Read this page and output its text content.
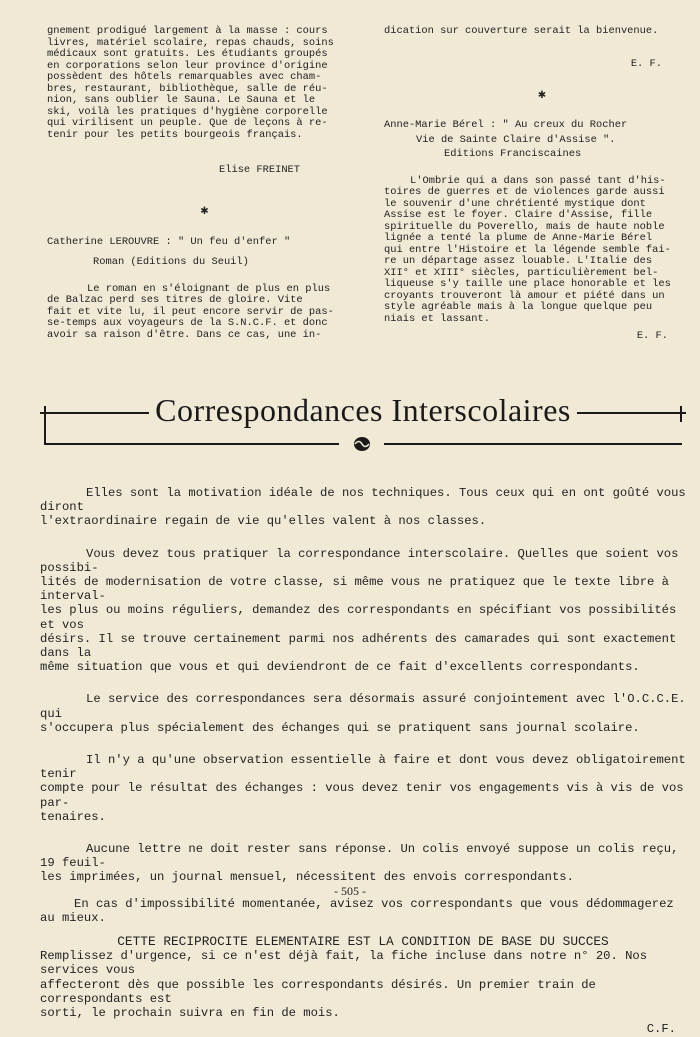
gnement prodigué largement à la masse : cours
livres, matériel scolaire, repas chauds, soins
médicaux sont gratuits. Les étudiants groupés
en corporations selon leur province d'origine
possèdent des hôtels remarquables avec cham-
bres, restaurant, bibliothèque, salle de réu-
nion, sans oublier le Sauna. Le Sauna et le
ski, voilà les pratiques d'hygiène corporelle
qui virilisent un peuple. Que de leçons à re-
tenir pour les petits bourgeois français.

Elise FREINET

✱

Catherine LEROUVRE : " Un feu d'enfer "

Roman (Editions du Seuil)

Le roman en s'éloignant de plus en plus
de Balzac perd ses titres de gloire. Vite
fait et vite lu, il peut encore servir de pas-
se-temps aux voyageurs de la S.N.C.F. et donc
avoir sa raison d'être. Dans ce cas, une in-

dication sur couverture serait la bienvenue.

E. F.

✱

Anne-Marie Bérel : " Au creux du Rocher

Vie de Sainte Claire d'Assise ".

Editions Franciscaines

L'Ombrie qui a dans son passé tant d'his-
toires de guerres et de violences garde aussi
le souvenir d'une chrétienté mystique dont
Assise est le foyer. Claire d'Assise, fille
spirituelle du Poverello, mais de haute noble
lignée a tenté la plume de Anne-Marie Bérel
qui entre l'Histoire et la légende semble fai-
re un départage assez louable. L'Italie des
XII° et XIII° siècles, particulièrement bel-
liqueuse s'y taille une place honorable et les
croyants trouveront là amour et piété dans un
style agréable mais à la longue quelque peu
niais et lassant.

E. F.

Correspondances Interscolaires

Elles sont la motivation idéale de nos techniques. Tous ceux qui en ont goûté vous diront
l'extraordinaire regain de vie qu'elles valent à nos classes.

Vous devez tous pratiquer la correspondance interscolaire. Quelles que soient vos possibi-
lités de modernisation de votre classe, si même vous ne pratiquez que le texte libre à interval-
les plus ou moins réguliers, demandez des correspondants en spécifiant vos possibilités et vos
désirs. Il se trouve certainement parmi nos adhérents des camarades qui sont exactement dans la
même situation que vous et qui deviendront de ce fait d'excellents correspondants.

Le service des correspondances sera désormais assuré conjointement avec l'O.C.C.E. qui
s'occupera plus spécialement des échanges qui se pratiquent sans journal scolaire.

Il n'y a qu'une observation essentielle à faire et dont vous devez obligatoirement tenir
compte pour le résultat des échanges : vous devez tenir vos engagements vis à vis de vos par-
tenaires.

Aucune lettre ne doit rester sans réponse. Un colis envoyé suppose un colis reçu, 19 feuil-
les imprimées, un journal mensuel, nécessitent des envois correspondants.

En cas d'impossibilité momentanée, avisez vos correspondants que vous dédommagerez au mieux.

CETTE RECIPROCITE ELEMENTAIRE EST LA CONDITION DE BASE DU SUCCES

Remplissez d'urgence, si ce n'est déjà fait, la fiche incluse dans notre n° 20. Nos services vous
affecteront dès que possible les correspondants désirés. Un premier train de correspondants est
sorti, le prochain suivra en fin de mois.

C.F.

- 505 -
